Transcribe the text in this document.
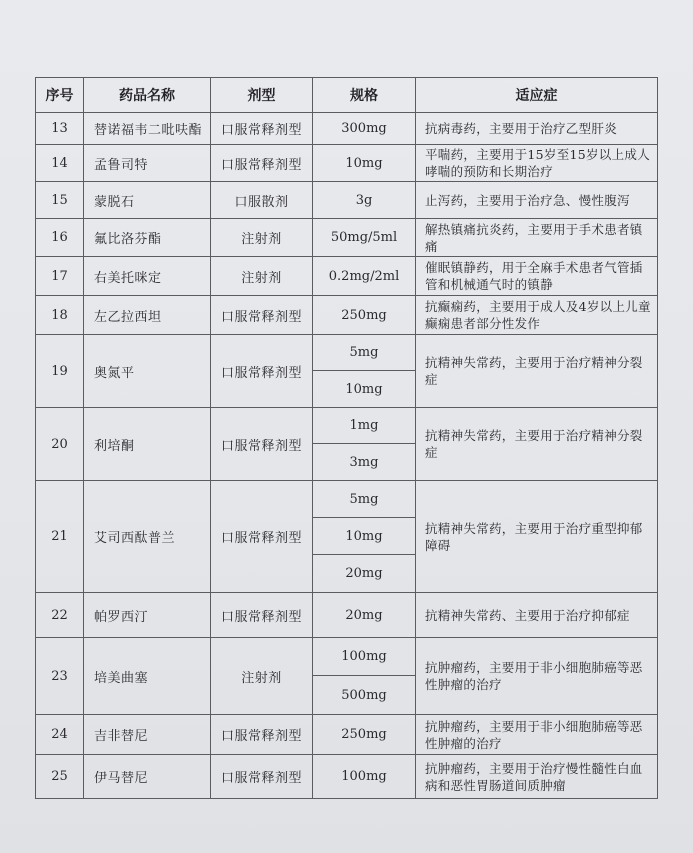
序号	药品名称	剂型	规格	适应症
13	替诺福韦二吡呋酯	口服常释剂型	300mg	抗病毒药，主要用于治疗乙型肝炎
14	孟鲁司特	口服常释剂型	10mg	平喘药，主要用于15岁至15岁以上成人哮喘的预防和长期治疗
15	蒙脱石	口服散剂	3g	止泻药，主要用于治疗急、慢性腹泻
16	氟比洛芬酯	注射剂	50mg/5ml	解热镇痛抗炎药，主要用于手术患者镇痛
17	右美托咪定	注射剂	0.2mg/2ml	催眠镇静药，用于全麻手术患者气管插管和机械通气时的镇静
18	左乙拉西坦	口服常释剂型	250mg	抗癫痫药，主要用于成人及4岁以上儿童癫痫患者部分性发作
19	奥氮平	口服常释剂型	5mg	抗精神失常药，主要用于治疗精神分裂症
			10mg	
20	利培酮	口服常释剂型	1mg	抗精神失常药，主要用于治疗精神分裂症
			3mg	
21	艾司西酞普兰	口服常释剂型	5mg	抗精神失常药，主要用于治疗重型抑郁障碍
			10mg	
			20mg	
22	帕罗西汀	口服常释剂型	20mg	抗精神失常药、主要用于治疗抑郁症
23	培美曲塞	注射剂	100mg	抗肿瘤药，主要用于非小细胞肺癌等恶性肿瘤的治疗
			500mg	
24	吉非替尼	口服常释剂型	250mg	抗肿瘤药，主要用于非小细胞肺癌等恶性肿瘤的治疗
25	伊马替尼	口服常释剂型	100mg	抗肿瘤药，主要用于治疗慢性髓性白血病和恶性胃肠道间质肿瘤
